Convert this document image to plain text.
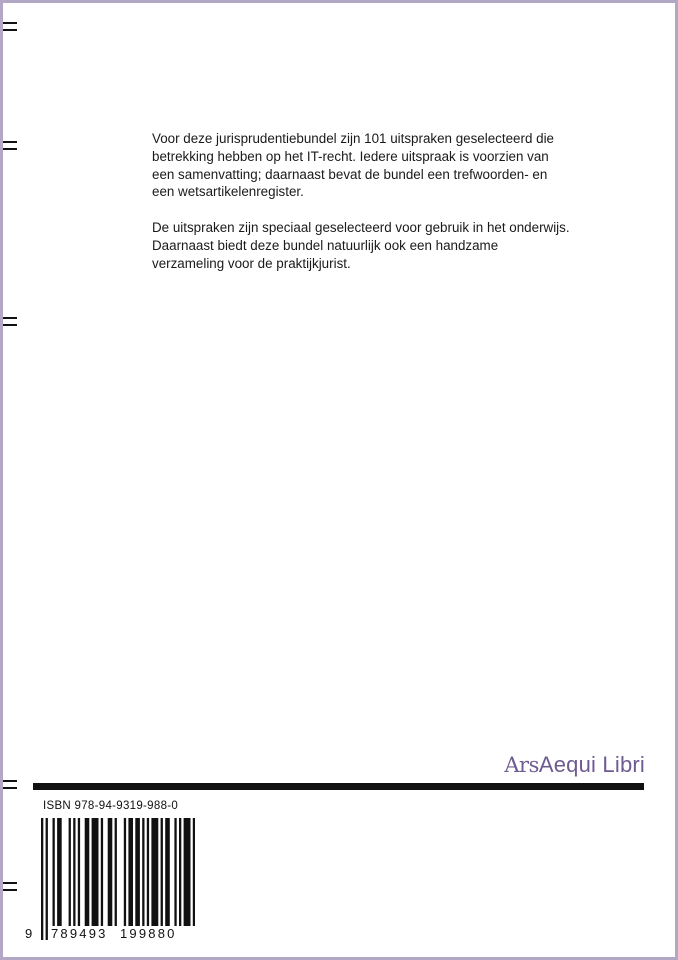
Voor deze jurisprudentiebundel zijn 101 uitspraken geselecteerd die betrekking hebben op het IT-recht. Iedere uitspraak is voorzien van een samenvatting; daarnaast bevat de bundel een trefwoorden- en een wetsartikelenregister.

De uitspraken zijn speciaal geselecteerd voor gebruik in het onderwijs. Daarnaast biedt deze bundel natuurlijk ook een handzame verzameling voor de praktijkjurist.

ArsAequi Libri
ISBN 978-94-9319-988-0
9 789493 199880
